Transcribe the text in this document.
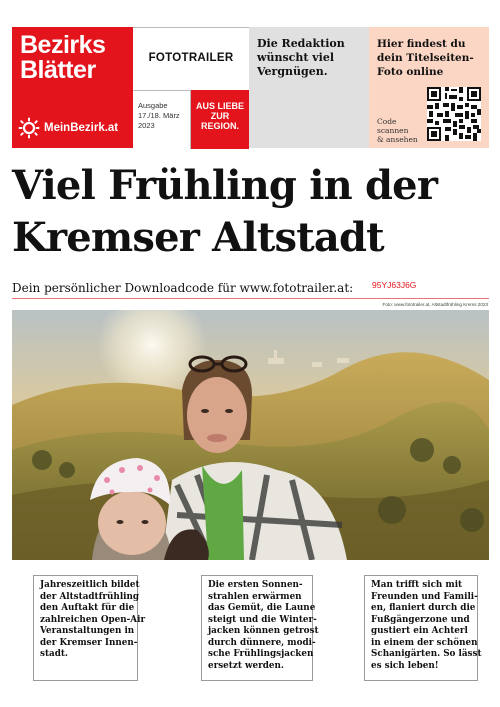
Bezirks
Blätter
MeinBezirk.at
FOTOTRAILER
Ausgabe
17./18. März
2023
AUS LIEBE
ZUR
REGION.
Die Redaktion
wünscht viel
Vergnügen.
Hier findest du
dein Titelseiten-
Foto online
Code
scannen
& ansehen
Viel Frühling in der
Kremser Altstadt
Dein persönlicher Downloadcode für www.fototrailer.at: 95YJ63J6G
Foto: www.fototrailer.at, Altstadtfrühling Krems 2023
Jahreszeitlich bildet
der Altstadtfrühling
den Auftakt für die
zahlreichen Open-Air
Veranstaltungen in
der Kremser Innen-
stadt.
Die ersten Sonnen-
strahlen erwärmen
das Gemüt, die Laune
steigt und die Winter-
jacken können getrost
durch dünnere, modi-
sche Frühlingsjacken
ersetzt werden.
Man trifft sich mit
Freunden und Famili-
en, flaniert durch die
Fußgängerzone und
gustiert ein Achterl
in einem der schönen
Schanigärten. So lässt
es sich leben!
